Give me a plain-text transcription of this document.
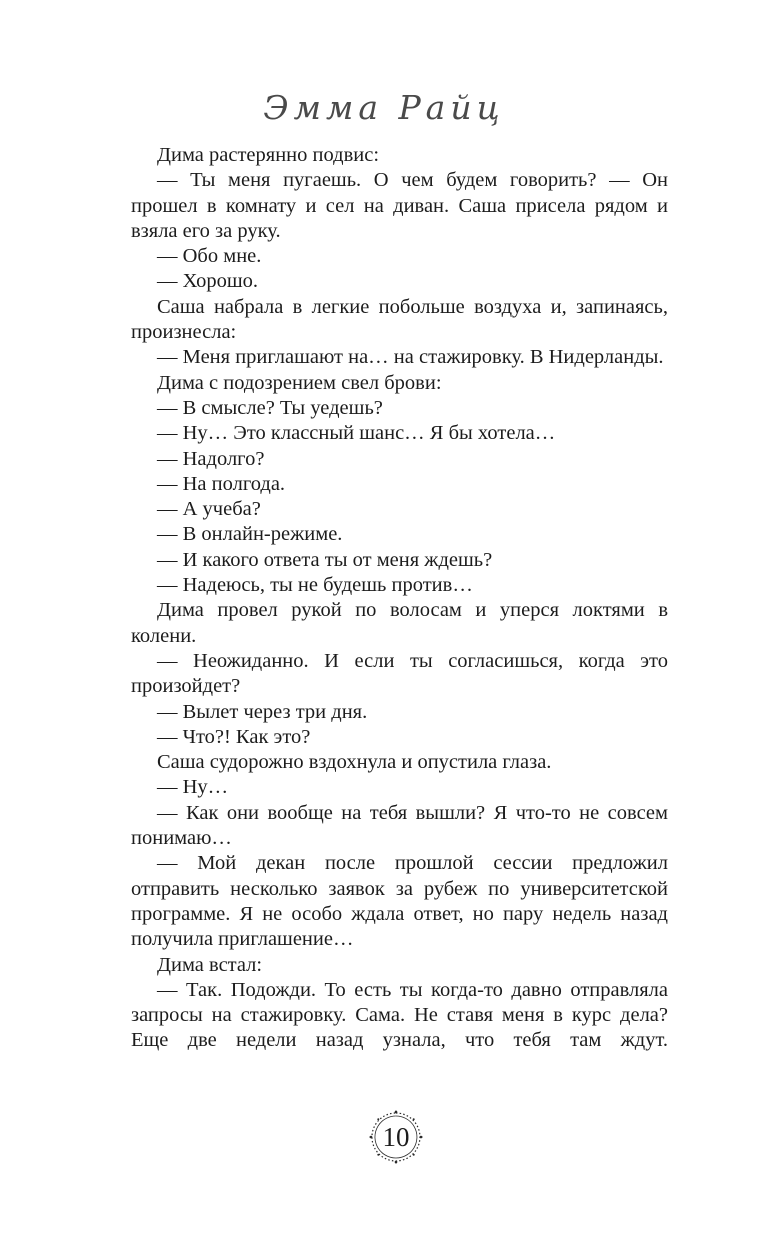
Эмма Райц

Дима растерянно подвис:

— Ты меня пугаешь. О чем будем говорить? — Он прошел в комнату и сел на диван. Саша присела рядом и взяла его за руку.

— Обо мне.

— Хорошо.

Саша набрала в легкие побольше воздуха и, запинаясь, произнесла:

— Меня приглашают на… на стажировку. В Нидерланды.

Дима с подозрением свел брови:

— В смысле? Ты уедешь?

— Ну… Это классный шанс… Я бы хотела…

— Надолго?

— На полгода.

— А учеба?

— В онлайн-режиме.

— И какого ответа ты от меня ждешь?

— Надеюсь, ты не будешь против…

Дима провел рукой по волосам и уперся локтями в колени.

— Неожиданно. И если ты согласишься, когда это произойдет?

— Вылет через три дня.

— Что?! Как это?

Саша судорожно вздохнула и опустила глаза.

— Ну…

— Как они вообще на тебя вышли? Я что-то не совсем понимаю…

— Мой декан после прошлой сессии предложил отправить несколько заявок за рубеж по университетской программе. Я не особо ждала ответ, но пару недель назад получила приглашение…

Дима встал:

— Так. Подожди. То есть ты когда-то давно отправляла запросы на стажировку. Сама. Не ставя меня в курс дела? Еще две недели назад узнала, что тебя там ждут.

10
